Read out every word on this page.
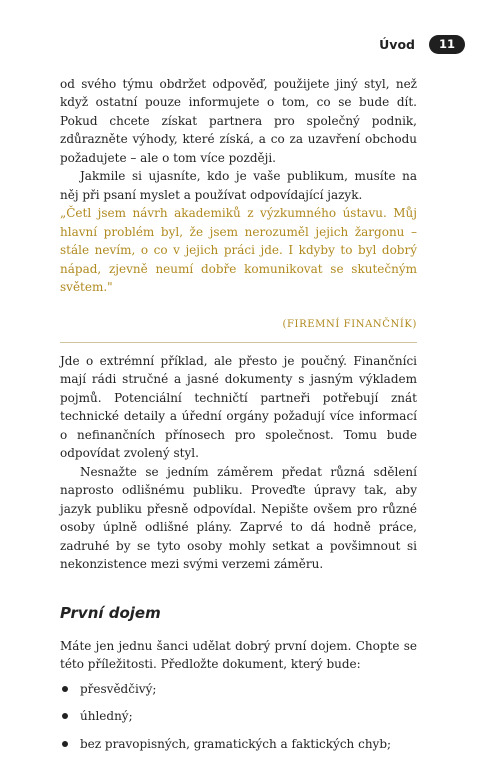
Úvod	11

od svého týmu obdržet odpověď, použijete jiný styl, než když ostatní pouze informujete o tom, co se bude dít. Pokud chcete získat partnera pro společný podnik, zdůrazněte výhody, které získá, a co za uzavření obchodu požadujete – ale o tom více později.

Jakmile si ujasníte, kdo je vaše publikum, musíte na něj při psaní myslet a používat odpovídající jazyk.

„Četl jsem návrh akademiků z výzkumného ústavu. Můj hlavní problém byl, že jsem nerozuměl jejich žargonu – stále nevím, o co v jejich práci jde. I kdyby to byl dobrý nápad, zjevně neumí dobře komunikovat se skutečným světem."

(FIREMNÍ FINANČNÍK)

Jde o extrémní příklad, ale přesto je poučný. Finančníci mají rádi stručné a jasné dokumenty s jasným výkladem pojmů. Potenciální techničtí partneři potřebují znát technické detaily a úřední orgány požadují více informací o nefinančních přínosech pro společnost. Tomu bude odpovídat zvolený styl.

Nesnažte se jedním záměrem předat různá sdělení naprosto odlišnému publiku. Proveďte úpravy tak, aby jazyk publiku přesně odpovídal. Nepište ovšem pro různé osoby úplně odlišné plány. Zaprvé to dá hodně práce, zadruhé by se tyto osoby mohly setkat a povšimnout si nekonzistence mezi svými verzemi záměru.

První dojem

Máte jen jednu šanci udělat dobrý první dojem. Chopte se této příležitosti. Předložte dokument, který bude:

přesvědčivý;
úhledný;
bez pravopisných, gramatických a faktických chyb;
